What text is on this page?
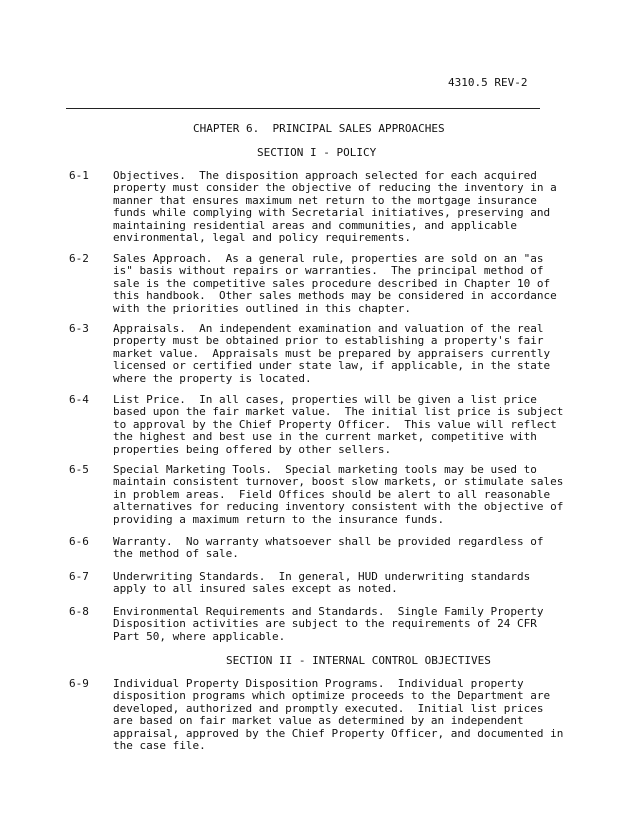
4310.5 REV-2
CHAPTER 6.  PRINCIPAL SALES APPROACHES
SECTION I - POLICY
6-1 Objectives.  The disposition approach selected for each acquired
property must consider the objective of reducing the inventory in a
manner that ensures maximum net return to the mortgage insurance
funds while complying with Secretarial initiatives, preserving and
maintaining residential areas and communities, and applicable
environmental, legal and policy requirements.
6-2 Sales Approach.  As a general rule, properties are sold on an "as
is" basis without repairs or warranties.  The principal method of
sale is the competitive sales procedure described in Chapter 10 of
this handbook.  Other sales methods may be considered in accordance
with the priorities outlined in this chapter.
6-3 Appraisals.  An independent examination and valuation of the real
property must be obtained prior to establishing a property's fair
market value.  Appraisals must be prepared by appraisers currently
licensed or certified under state law, if applicable, in the state
where the property is located.
6-4 List Price.  In all cases, properties will be given a list price
based upon the fair market value.  The initial list price is subject
to approval by the Chief Property Officer.  This value will reflect
the highest and best use in the current market, competitive with
properties being offered by other sellers.
6-5 Special Marketing Tools.  Special marketing tools may be used to
maintain consistent turnover, boost slow markets, or stimulate sales
in problem areas.  Field Offices should be alert to all reasonable
alternatives for reducing inventory consistent with the objective of
providing a maximum return to the insurance funds.
6-6 Warranty.  No warranty whatsoever shall be provided regardless of
the method of sale.
6-7 Underwriting Standards.  In general, HUD underwriting standards
apply to all insured sales except as noted.
6-8 Environmental Requirements and Standards.  Single Family Property
Disposition activities are subject to the requirements of 24 CFR
Part 50, where applicable.
SECTION II - INTERNAL CONTROL OBJECTIVES
6-9 Individual Property Disposition Programs.  Individual property
disposition programs which optimize proceeds to the Department are
developed, authorized and promptly executed.  Initial list prices
are based on fair market value as determined by an independent
appraisal, approved by the Chief Property Officer, and documented in
the case file.
